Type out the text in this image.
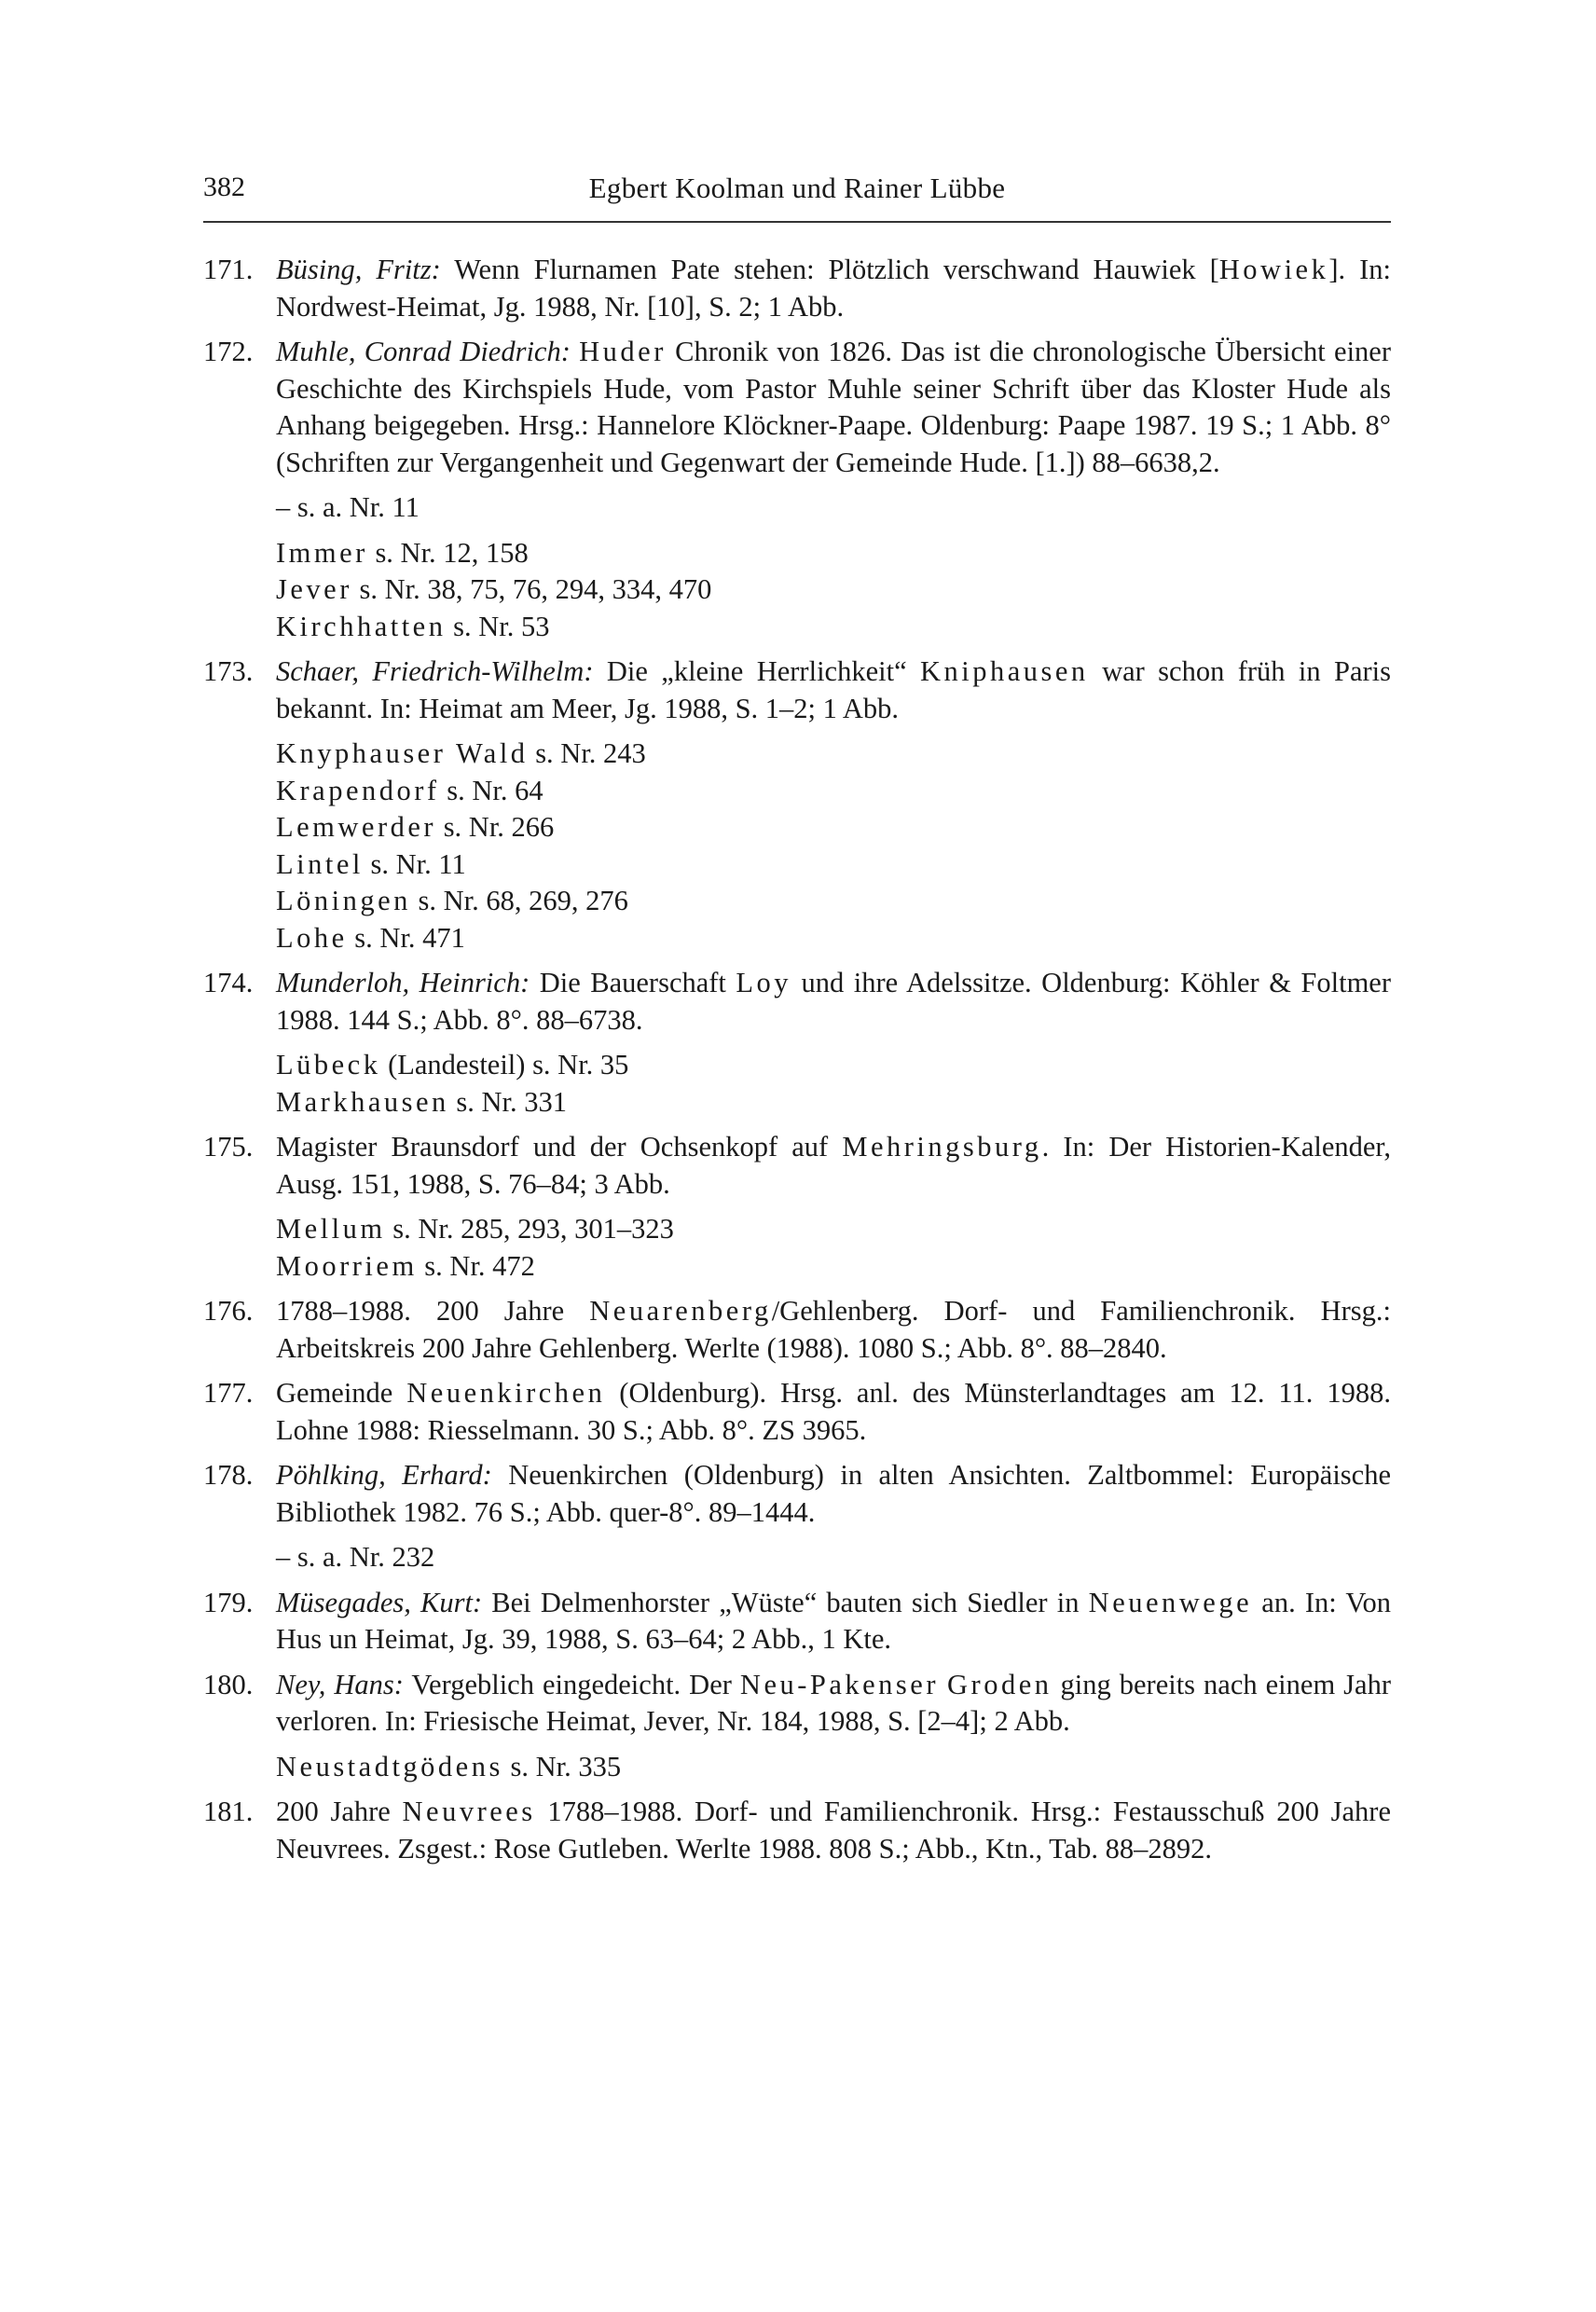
382	Egbert Koolman und Rainer Lübbe
171. Büsing, Fritz: Wenn Flurnamen Pate stehen: Plötzlich verschwand Hauwiek [Howiek]. In: Nordwest-Heimat, Jg. 1988, Nr. [10], S. 2; 1 Abb.
172. Muhle, Conrad Diedrich: Huder Chronik von 1826. Das ist die chronologische Übersicht einer Geschichte des Kirchspiels Hude, vom Pastor Muhle seiner Schrift über das Kloster Hude als Anhang beigegeben. Hrsg.: Hannelore Klöckner-Paape. Oldenburg: Paape 1987. 19 S.; 1 Abb. 8° (Schriften zur Vergangenheit und Gegenwart der Gemeinde Hude. [1.]) 88–6638,2.
– s. a. Nr. 11
Immer s. Nr. 12, 158
Jever s. Nr. 38, 75, 76, 294, 334, 470
Kirchhatten s. Nr. 53
173. Schaer, Friedrich-Wilhelm: Die „kleine Herrlichkeit“ Kniphausen war schon früh in Paris bekannt. In: Heimat am Meer, Jg. 1988, S. 1–2; 1 Abb.
Knyphauser Wald s. Nr. 243
Krapendorf s. Nr. 64
Lemwerder s. Nr. 266
Lintel s. Nr. 11
Löningen s. Nr. 68, 269, 276
Lohe s. Nr. 471
174. Munderloh, Heinrich: Die Bauerschaft Loy und ihre Adelssitze. Oldenburg: Köhler & Foltmer 1988. 144 S.; Abb. 8°. 88–6738.
Lübeck (Landesteil) s. Nr. 35
Markhausen s. Nr. 331
175. Magister Braunsdorf und der Ochsenkopf auf Mehringsburg. In: Der Historien-Kalender, Ausg. 151, 1988, S. 76–84; 3 Abb.
Mellum s. Nr. 285, 293, 301–323
Moorriem s. Nr. 472
176. 1788–1988. 200 Jahre Neuarenberg/Gehlenberg. Dorf- und Familienchronik. Hrsg.: Arbeitskreis 200 Jahre Gehlenberg. Werlte (1988). 1080 S.; Abb. 8°. 88–2840.
177. Gemeinde Neuenkirchen (Oldenburg). Hrsg. anl. des Münsterlandtages am 12. 11. 1988. Lohne 1988: Riesselmann. 30 S.; Abb. 8°. ZS 3965.
178. Pöhlking, Erhard: Neuenkirchen (Oldenburg) in alten Ansichten. Zaltbommel: Europäische Bibliothek 1982. 76 S.; Abb. quer-8°. 89–1444.
– s. a. Nr. 232
179. Müsegades, Kurt: Bei Delmenhorster „Wüste“ bauten sich Siedler in Neuenwege an. In: Von Hus un Heimat, Jg. 39, 1988, S. 63–64; 2 Abb., 1 Kte.
180. Ney, Hans: Vergeblich eingedeicht. Der Neu-Pakenser Groden ging bereits nach einem Jahr verloren. In: Friesische Heimat, Jever, Nr. 184, 1988, S. [2–4]; 2 Abb.
Neustadtgödens s. Nr. 335
181. 200 Jahre Neuvrees 1788–1988. Dorf- und Familienchronik. Hrsg.: Festausschuß 200 Jahre Neuvrees. Zsgest.: Rose Gutleben. Werlte 1988. 808 S.; Abb., Ktn., Tab. 88–2892.
